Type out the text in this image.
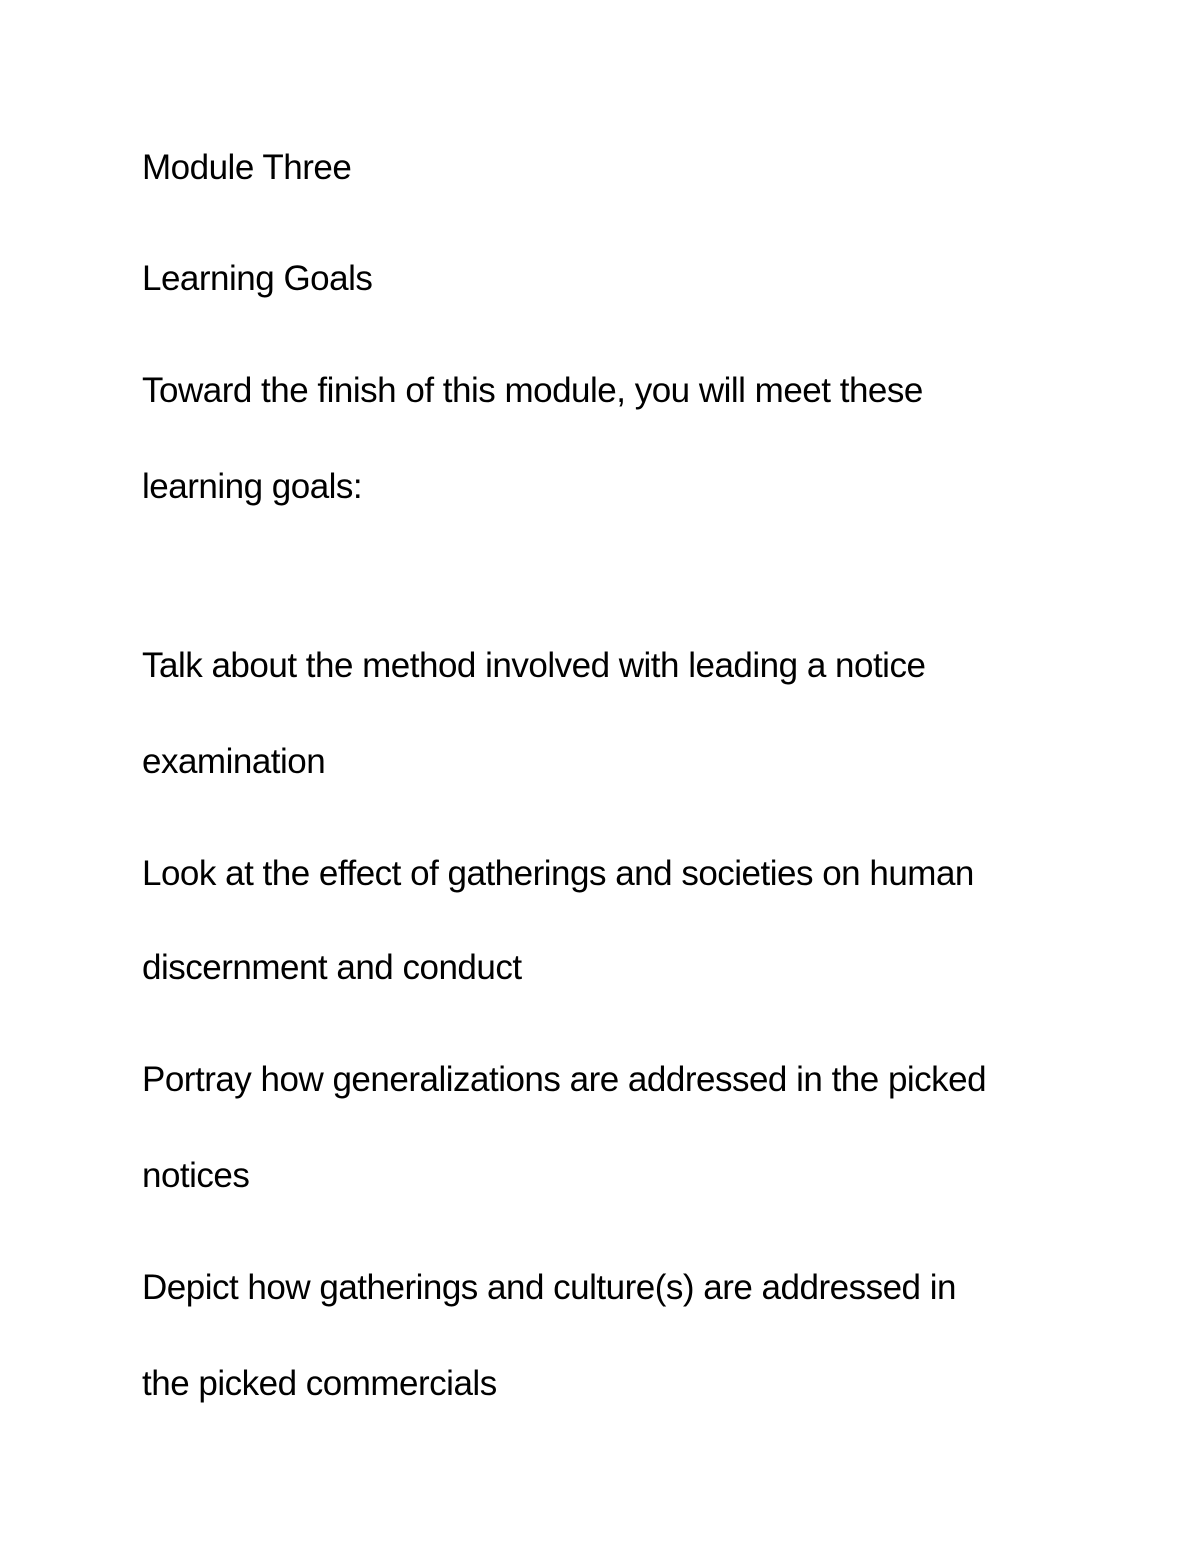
Module Three
Learning Goals
Toward the finish of this module, you will meet these
learning goals:
Talk about the method involved with leading a notice
examination
Look at the effect of gatherings and societies on human
discernment and conduct
Portray how generalizations are addressed in the picked
notices
Depict how gatherings and culture(s) are addressed in
the picked commercials
